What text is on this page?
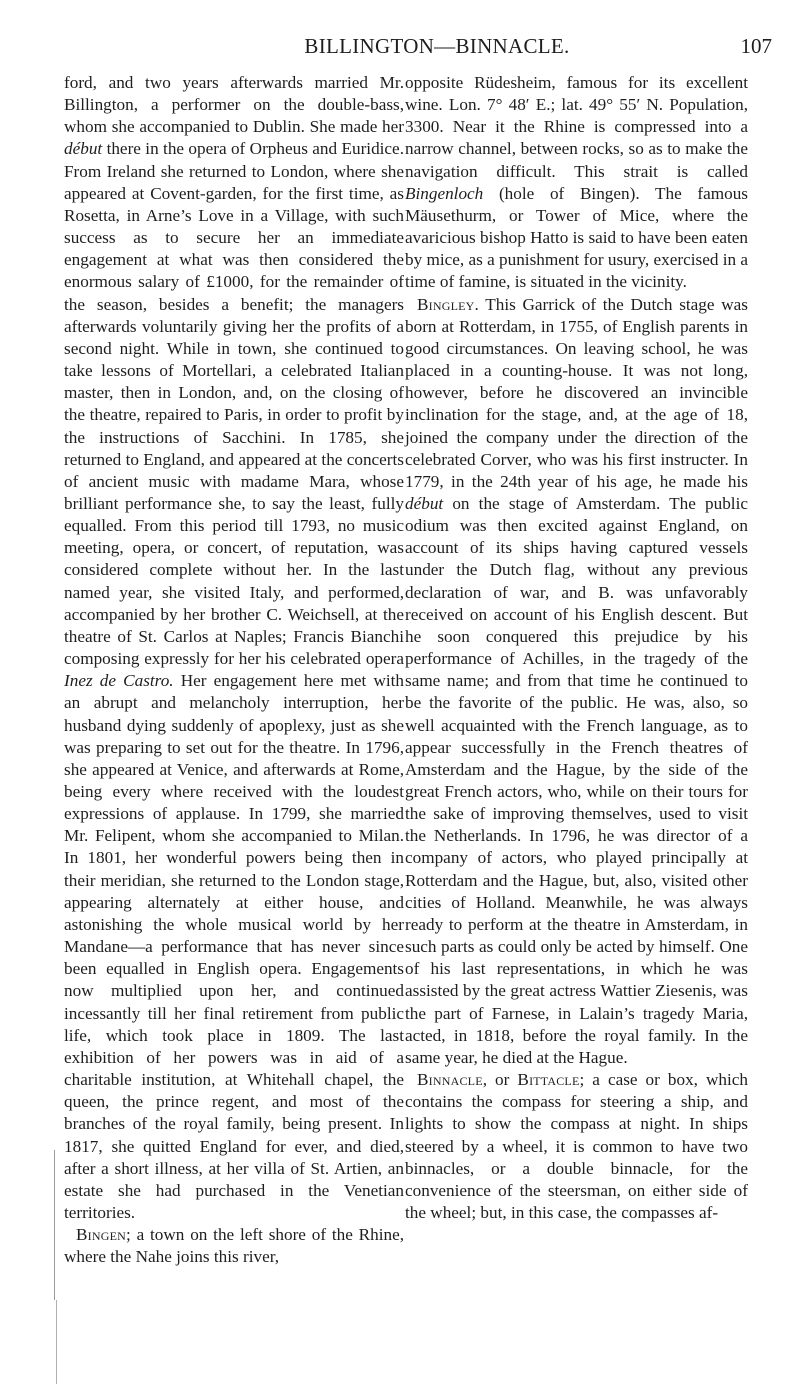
BILLINGTON—BINNACLE.	107

ford, and two years afterwards married Mr. Billington, a performer on the double-bass, whom she accompanied to Dublin. She made her début there in the opera of Orpheus and Euridice. From Ireland she returned to London, where she appeared at Covent-garden, for the first time, as Rosetta, in Arne’s Love in a Village, with such success as to secure her an immediate engagement at what was then considered the enormous salary of £1000, for the remainder of the season, besides a benefit; the managers afterwards voluntarily giving her the profits of a second night. While in town, she continued to take lessons of Mortellari, a celebrated Italian master, then in London, and, on the closing of the theatre, repaired to Paris, in order to profit by the instructions of Sacchini. In 1785, she returned to England, and appeared at the concerts of ancient music with madame Mara, whose brilliant performance she, to say the least, fully equalled. From this period till 1793, no music meeting, opera, or concert, of reputation, was considered complete without her. In the last named year, she visited Italy, and performed, accompanied by her brother C. Weichsell, at the theatre of St. Carlos at Naples; Francis Bianchi composing expressly for her his celebrated opera Inez de Castro. Her engagement here met with an abrupt and melancholy interruption, her husband dying suddenly of apoplexy, just as she was preparing to set out for the theatre. In 1796, she appeared at Venice, and afterwards at Rome, being every where received with the loudest expressions of applause. In 1799, she married Mr. Felipent, whom she accompanied to Milan. In 1801, her wonderful powers being then in their meridian, she returned to the London stage, appearing alternately at either house, and astonishing the whole musical world by her Mandane—a performance that has never since been equalled in English opera. Engagements now multiplied upon her, and continued incessantly till her final retirement from public life, which took place in 1809. The last exhibition of her powers was in aid of a charitable institution, at Whitehall chapel, the queen, the prince regent, and most of the branches of the royal family, being present. In 1817, she quitted England for ever, and died, after a short illness, at her villa of St. Artien, an estate she had purchased in the Venetian territories.

Bingen; a town on the left shore of the Rhine, where the Nahe joins this river,

opposite Rüdesheim, famous for its excellent wine. Lon. 7° 48′ E.; lat. 49° 55′ N. Population, 3300. Near it the Rhine is compressed into a narrow channel, between rocks, so as to make the navigation difficult. This strait is called Bingenloch (hole of Bingen). The famous Mäusethurm, or Tower of Mice, where the avaricious bishop Hatto is said to have been eaten by mice, as a punishment for usury, exercised in a time of famine, is situated in the vicinity.

Bingley. This Garrick of the Dutch stage was born at Rotterdam, in 1755, of English parents in good circumstances. On leaving school, he was placed in a counting-house. It was not long, however, before he discovered an invincible inclination for the stage, and, at the age of 18, joined the company under the direction of the celebrated Corver, who was his first instructer. In 1779, in the 24th year of his age, he made his début on the stage of Amsterdam. The public odium was then excited against England, on account of its ships having captured vessels under the Dutch flag, without any previous declaration of war, and B. was unfavorably received on account of his English descent. But he soon conquered this prejudice by his performance of Achilles, in the tragedy of the same name; and from that time he continued to be the favorite of the public. He was, also, so well acquainted with the French language, as to appear successfully in the French theatres of Amsterdam and the Hague, by the side of the great French actors, who, while on their tours for the sake of improving themselves, used to visit the Netherlands. In 1796, he was director of a company of actors, who played principally at Rotterdam and the Hague, but, also, visited other cities of Holland. Meanwhile, he was always ready to perform at the theatre in Amsterdam, in such parts as could only be acted by himself. One of his last representations, in which he was assisted by the great actress Wattier Ziesenis, was the part of Farnese, in Lalain’s tragedy Maria, acted, in 1818, before the royal family. In the same year, he died at the Hague.

Binnacle, or Bittacle; a case or box, which contains the compass for steering a ship, and lights to show the compass at night. In ships steered by a wheel, it is common to have two binnacles, or a double binnacle, for the convenience of the steersman, on either side of the wheel; but, in this case, the compasses af-
